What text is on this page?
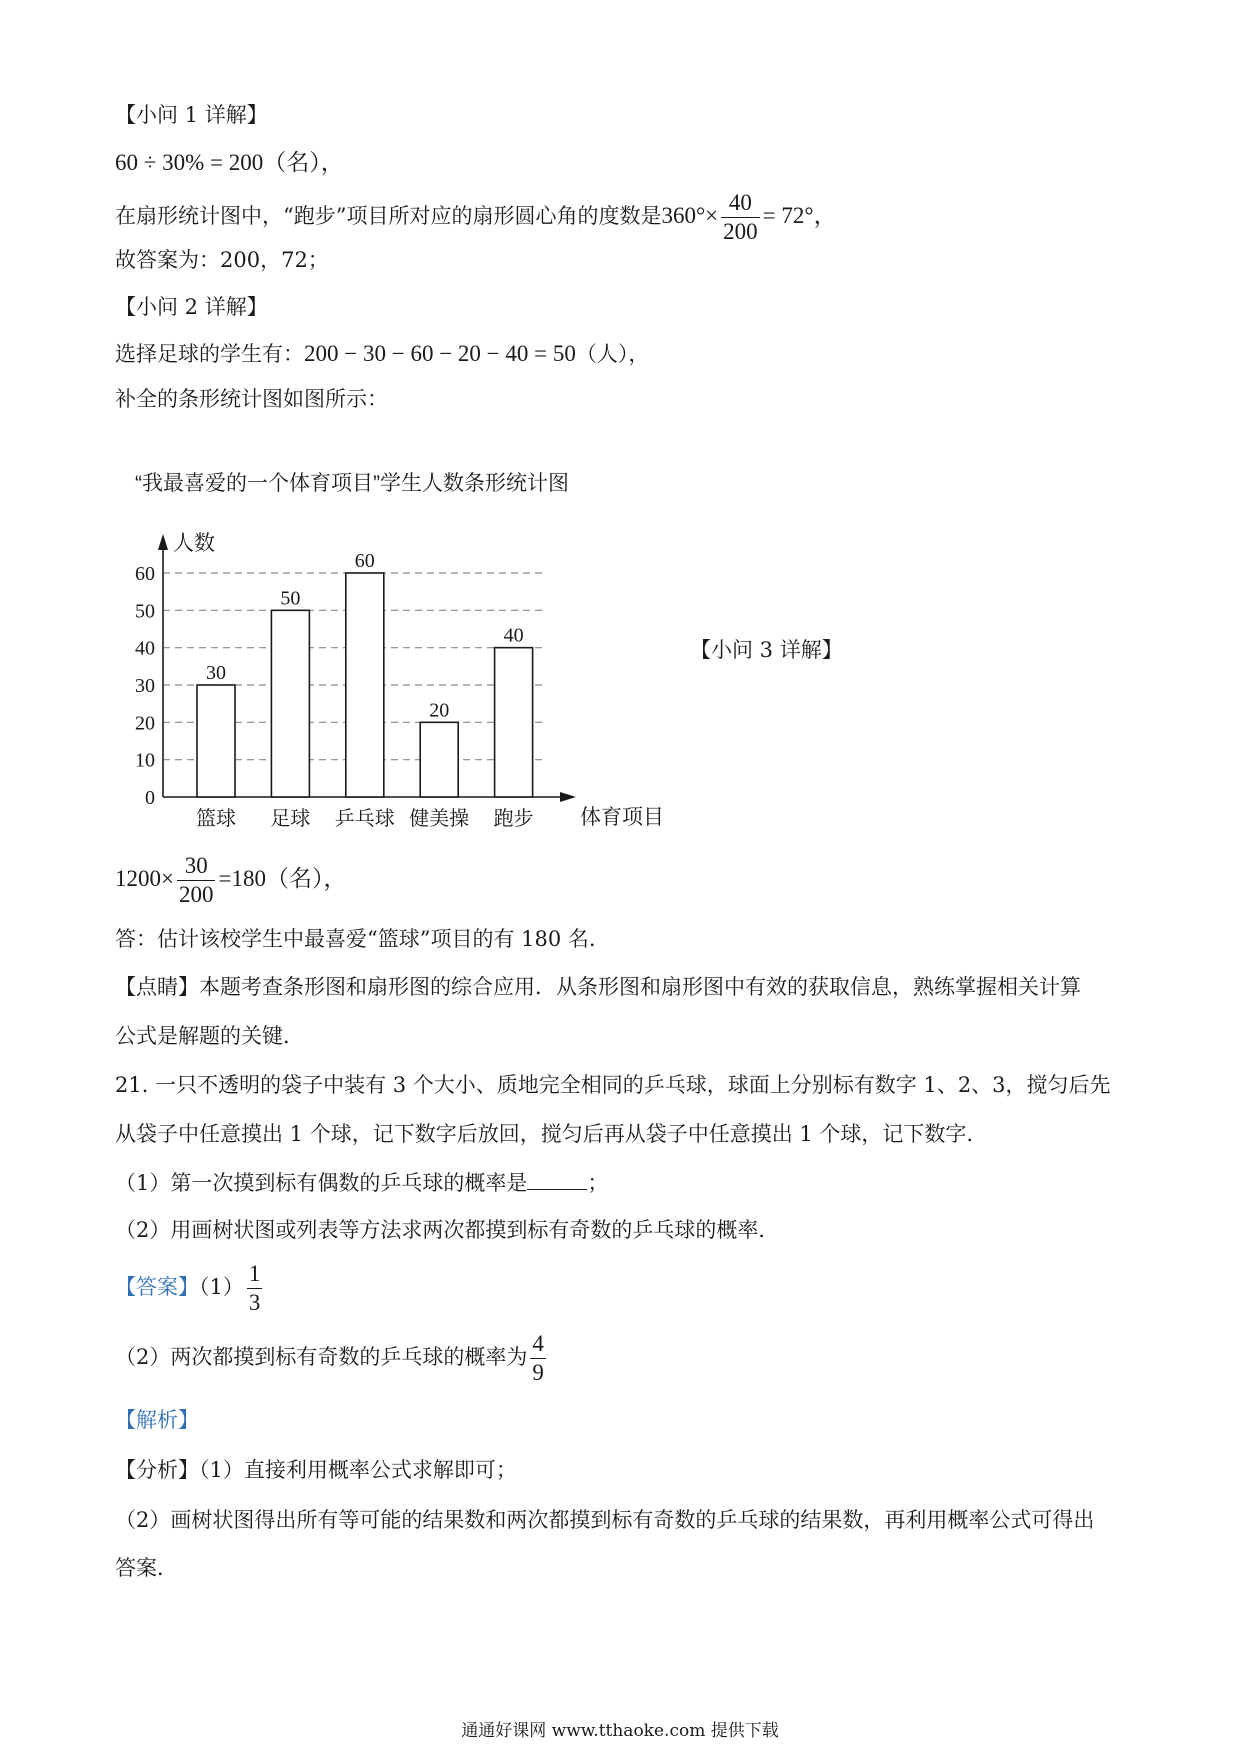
【小问 1 详解】
60 ÷ 30% = 200（名），
在扇形统计图中，“跑步”项目所对应的扇形圆心角的度数是$360^\circ\times \frac{40}{200} = 72^\circ$，
故答案为：200，72；
【小问 2 详解】
选择足球的学生有：200 − 30 − 60 − 20 − 40 = 50（人），
补全的条形统计图如图所示：
“我最喜爱的一个体育项目”学生人数条形统计图
0
10
20
30
40
50
60
人数
体育项目
30
篮球
50
足球
60
乒乓球
20
健美操
40
跑步
【小问 3 详解】
$1200\times \frac{30}{200} =180$（名），
答：估计该校学生中最喜爱“篮球”项目的有 180 名.
【点睛】本题考查条形图和扇形图的综合应用．从条形图和扇形图中有效的获取信息，熟练掌握相关计算
公式是解题的关键．
21. 一只不透明的袋子中装有 3 个大小、质地完全相同的乒乓球，球面上分别标有数字 1、2、3，搅匀后先
从袋子中任意摸出 1 个球，记下数字后放回，搅匀后再从袋子中任意摸出 1 个球，记下数字.
（1）第一次摸到标有偶数的乒乓球的概率是	；
（2）用画树状图或列表等方法求两次都摸到标有奇数的乒乓球的概率．
【答案】$(1) \frac{1}{3}$
（2）两次都摸到标有奇数的乒乓球的概率为 $\frac{4}{9}$
【解析】
【分析】（1）直接利用概率公式求解即可；
（2）画树状图得出所有等可能的结果数和两次都摸到标有奇数的乒乓球的结果数，再利用概率公式可得出
答案．
通通好课网 www.tthaoke.com 提供下载
